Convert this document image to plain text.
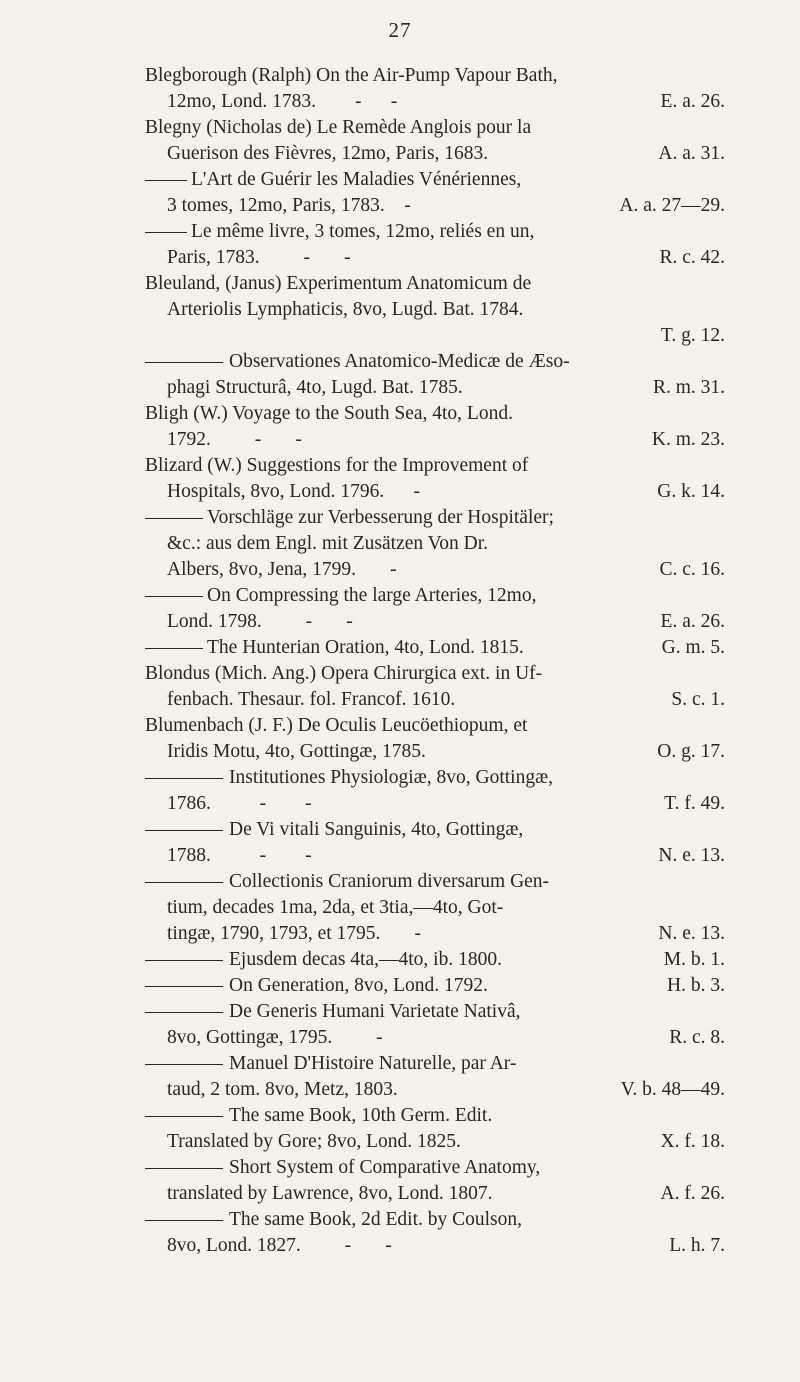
27
Blegborough (Ralph) On the Air-Pump Vapour Bath,
12mo, Lond. 1783.        -      -	E. a. 26.
Blegny (Nicholas de) Le Remède Anglois pour la
Guerison des Fièvres, 12mo, Paris, 1683.	A. a. 31.
L'Art de Guérir les Maladies Vénériennes,
3 tomes, 12mo, Paris, 1783.    -	A. a. 27—29.
Le même livre, 3 tomes, 12mo, reliés en un,
Paris, 1783.         -       -	R. c. 42.
Bleuland, (Janus) Experimentum Anatomicum de
Arteriolis Lymphaticis, 8vo, Lugd. Bat. 1784.
T. g. 12.
Observationes Anatomico-Medicæ de Æso-
phagi Structurâ, 4to, Lugd. Bat. 1785.	R. m. 31.
Bligh (W.) Voyage to the South Sea, 4to, Lond.
1792.         -       -	K. m. 23.
Blizard (W.) Suggestions for the Improvement of
Hospitals, 8vo, Lond. 1796.      -	G. k. 14.
Vorschläge zur Verbesserung der Hospitäler;
&c.: aus dem Engl. mit Zusätzen Von Dr.
Albers, 8vo, Jena, 1799.       -	C. c. 16.
On Compressing the large Arteries, 12mo,
Lond. 1798.         -       -	E. a. 26.
The Hunterian Oration, 4to, Lond. 1815.	G. m. 5.
Blondus (Mich. Ang.) Opera Chirurgica ext. in Uf-
fenbach. Thesaur. fol. Francof. 1610.	S. c. 1.
Blumenbach (J. F.) De Oculis Leucöethiopum, et
Iridis Motu, 4to, Gottingæ, 1785.	O. g. 17.
Institutiones Physiologiæ, 8vo, Gottingæ,
1786.          -        -	T. f. 49.
De Vi vitali Sanguinis, 4to, Gottingæ,
1788.          -        -	N. e. 13.
Collectionis Craniorum diversarum Gen-
tium, decades 1ma, 2da, et 3tia,—4to, Got-
tingæ, 1790, 1793, et 1795.       -	N. e. 13.
Ejusdem decas 4ta,—4to, ib. 1800.	M. b. 1.
On Generation, 8vo, Lond. 1792.	H. b. 3.
De Generis Humani Varietate Nativâ,
8vo, Gottingæ, 1795.         -	R. c. 8.
Manuel D'Histoire Naturelle, par Ar-
taud, 2 tom. 8vo, Metz, 1803.	V. b. 48—49.
The same Book, 10th Germ. Edit.
Translated by Gore; 8vo, Lond. 1825.	X. f. 18.
Short System of Comparative Anatomy,
translated by Lawrence, 8vo, Lond. 1807.	A. f. 26.
The same Book, 2d Edit. by Coulson,
8vo, Lond. 1827.         -       -	L. h. 7.
